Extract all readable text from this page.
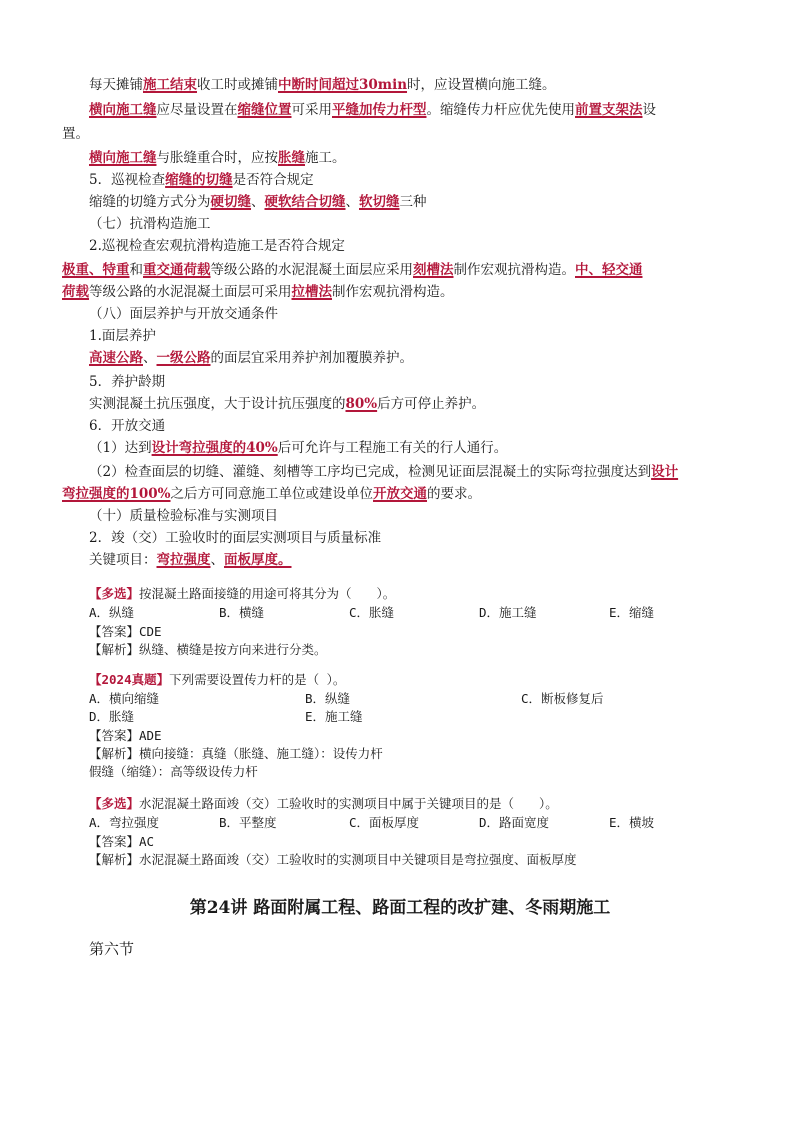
每天摊铺施工结束收工时或摊铺中断时间超过30min时，应设置横向施工缝。
横向施工缝应尽量设置在缩缝位置可采用平缝加传力杆型。缩缝传力杆应优先使用前置支架法设
置。
横向施工缝与胀缝重合时，应按胀缝施工。
5．巡视检查缩缝的切缝是否符合规定
缩缝的切缝方式分为硬切缝、硬软结合切缝、软切缝三种
（七）抗滑构造施工
2.巡视检查宏观抗滑构造施工是否符合规定
极重、特重和重交通荷载等级公路的水泥混凝土面层应采用刻槽法制作宏观抗滑构造。中、轻交通
荷载等级公路的水泥混凝土面层可采用拉槽法制作宏观抗滑构造。
（八）面层养护与开放交通条件
1.面层养护
高速公路、一级公路的面层宜采用养护剂加覆膜养护。
5．养护龄期
实测混凝土抗压强度，大于设计抗压强度的80%后方可停止养护。
6．开放交通
（1）达到设计弯拉强度的40%后可允许与工程施工有关的行人通行。
（2）检查面层的切缝、灌缝、刻槽等工序均已完成，检测见证面层混凝土的实际弯拉强度达到设计
弯拉强度的100%之后方可同意施工单位或建设单位开放交通的要求。
（十）质量检验标准与实测项目
2．竣（交）工验收时的面层实测项目与质量标准
关键项目：弯拉强度、面板厚度。
【多选】按混凝土路面接缝的用途可将其分为（　　）。
A．纵缝	B．横缝	C．胀缝	D．施工缝	E．缩缝
【答案】CDE
【解析】纵缝、横缝是按方向来进行分类。
【2024真题】下列需要设置传力杆的是（ ）。
A．横向缩缝	B．纵缝	C．断板修复后
D．胀缝	E．施工缝
【答案】ADE
【解析】横向接缝：真缝（胀缝、施工缝）：设传力杆
假缝（缩缝）：高等级设传力杆
【多选】水泥混凝土路面竣（交）工验收时的实测项目中属于关键项目的是（　　）。
A．弯拉强度	B．平整度	C．面板厚度	D．路面宽度	E．横坡
【答案】AC
【解析】水泥混凝土路面竣（交）工验收时的实测项目中关键项目是弯拉强度、面板厚度
第24讲 路面附属工程、路面工程的改扩建、冬雨期施工
第六节
